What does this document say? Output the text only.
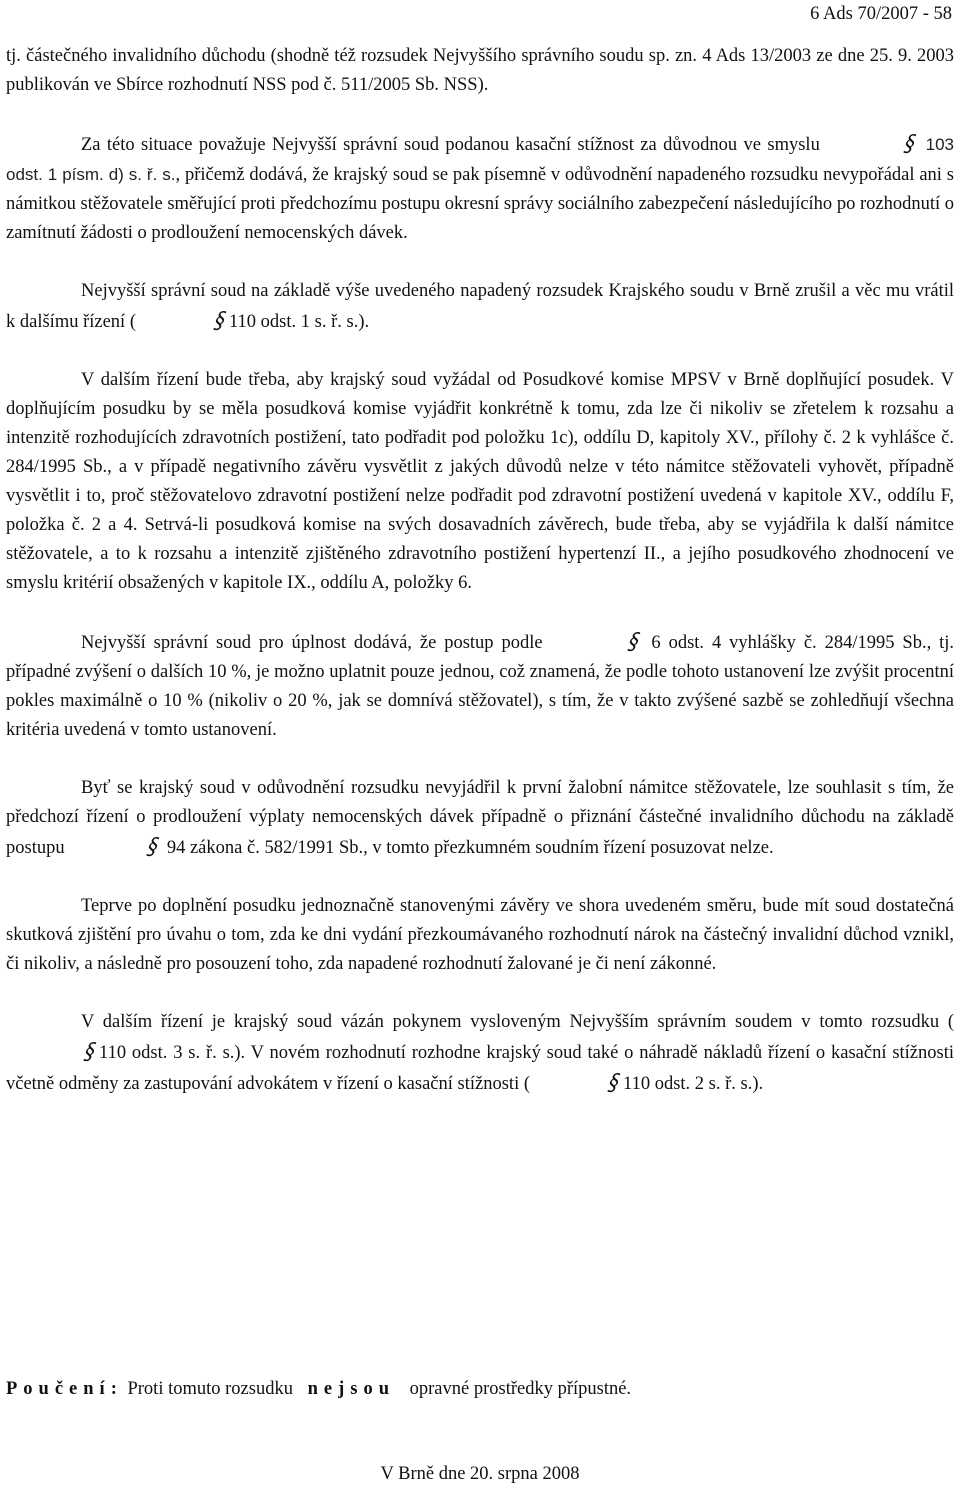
6 Ads 70/2007 - 58

tj. částečného invalidního důchodu (shodně též rozsudek Nejvyššího správního soudu sp. zn. 4 Ads 13/2003 ze dne 25. 9. 2003 publikován ve Sbírce rozhodnutí NSS pod č. 511/2005 Sb. NSS).

Za této situace považuje Nejvyšší správní soud podanou kasační stížnost za důvodnou ve smyslu	§ 103 odst. 1 písm. d) s. ř. s., přičemž dodává, že krajský soud se pak písemně v odůvodnění napadeného rozsudku nevypořádal ani s námitkou stěžovatele směřující proti předchozímu postupu okresní správy sociálního zabezpečení následujícího po rozhodnutí o zamítnutí žádosti o prodloužení nemocenských dávek.

Nejvyšší správní soud na základě výše uvedeného napadený rozsudek Krajského soudu v Brně zrušil a věc mu vrátil k dalšímu řízení (	§110 odst. 1 s. ř. s.).

V dalším řízení bude třeba, aby krajský soud vyžádal od Posudkové komise MPSV v Brně doplňující posudek. V doplňujícím posudku by se měla posudková komise vyjádřit konkrétně k tomu, zda lze či nikoliv se zřetelem k rozsahu a intenzitě rozhodujících zdravotních postižení, tato podřadit pod položku 1c), oddílu D, kapitoly XV., přílohy č. 2 k vyhlášce č. 284/1995 Sb., a v případě negativního závěru vysvětlit z jakých důvodů nelze v této námitce stěžovateli vyhovět, případně vysvětlit i to, proč stěžovatelovo zdravotní postižení nelze podřadit pod zdravotní postižení uvedená v kapitole XV., oddílu F, položka č. 2 a 4. Setrvá-li posudková komise na svých dosavadních závěrech, bude třeba, aby se vyjádřila k další námitce stěžovatele, a to k rozsahu a intenzitě zjištěného zdravotního postižení hypertenzí II., a jejího posudkového zhodnocení ve smyslu kritérií obsažených v kapitole IX., oddílu A, položky 6.

Nejvyšší správní soud pro úplnost dodává, že postup podle	§ 6 odst. 4 vyhlášky č. 284/1995 Sb., tj. případné zvýšení o dalších 10 %, je možno uplatnit pouze jednou, což znamená, že podle tohoto ustanovení lze zvýšit procentní pokles maximálně o 10 % (nikoliv o 20 %, jak se domnívá stěžovatel), s tím, že v takto zvýšené sazbě se zohledňují všechna kritéria uvedená v tomto ustanovení.

Byť se krajský soud v odůvodnění rozsudku nevyjádřil k první žalobní námitce stěžovatele, lze souhlasit s tím, že předchozí řízení o prodloužení výplaty nemocenských dávek případně o přiznání částečné invalidního důchodu na základě postupu	§ 94 zákona č. 582/1991 Sb., v tomto přezkumném soudním řízení posuzovat nelze.

Teprve po doplnění posudku jednoznačně stanovenými závěry ve shora uvedeném směru, bude mít soud dostatečná skutková zjištění pro úvahu o tom, zda ke dni vydání přezkoumávaného rozhodnutí nárok na částečný invalidní důchod vznikl, či nikoliv, a následně pro posouzení toho, zda napadené rozhodnutí žalované je či není zákonné.

V dalším řízení je krajský soud vázán pokynem vysloveným Nejvyšším správním soudem v tomto rozsudku (§110 odst. 3 s. ř. s.). V novém rozhodnutí rozhodne krajský soud také o náhradě nákladů řízení o kasační stížnosti včetně odměny za zastupování advokátem v řízení o kasační stížnosti (	§110 odst. 2 s. ř. s.).

Poučení: Proti tomuto rozsudku nejsou opravné prostředky přípustné.
V Brně dne 20. srpna 2008
